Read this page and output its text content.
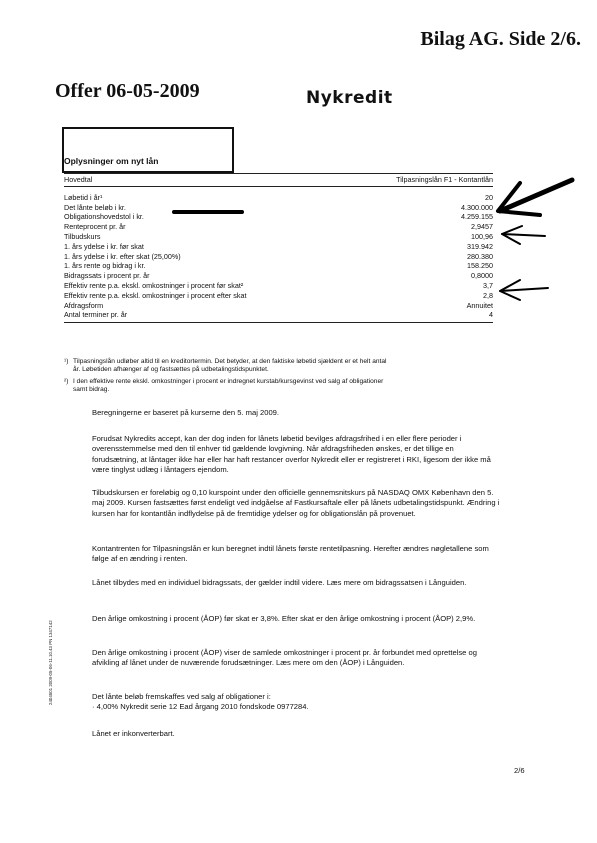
Bilag AG. Side 2/6.
Offer 06-05-2009	Nykredit
Oplysninger om nyt lån
Hovedtal	Tilpasningslån F1 - Kontantlån
Løbetid i år¹	20
Det lånte beløb i kr.	4.300.000
Obligationshovedstol i kr.	4.259.155
Renteprocent pr. år	2,9457
Tilbudskurs	100,96
1. års ydelse i kr. før skat	319.942
1. års ydelse i kr. efter skat (25,00%)	280.380
1. års rente og bidrag i kr.	158.250
Bidragssats i procent pr. år	0,8000
Effektiv rente p.a. ekskl. omkostninger i procent før skat²	3,7
Effektiv rente p.a. ekskl. omkostninger i procent efter skat	2,8
Afdragsform	Annuitet
Antal terminer pr. år	4
¹) Tilpasningslån udløber altid til en kreditortermin. Det betyder, at den faktiske løbetid sjældent er et helt antal
år. Løbetiden afhænger af og fastsættes på udbetalingstidspunktet.
²) I den effektive rente ekskl. omkostninger i procent er indregnet kurstab/kursgevinst ved salg af obligationer
samt bidrag.
Beregningerne er baseret på kurserne den 5. maj 2009.
Forudsat Nykredits accept, kan der dog inden for lånets løbetid bevilges afdragsfrihed i en eller flere perioder i overensstemmelse med den til enhver tid gældende lovgivning. Når afdragsfriheden ønskes, er det tillige en forudsætning, at låntager ikke har eller har haft restancer overfor Nykredit eller er registreret i RKI, ligesom der ikke må være tinglyst udlæg i låntagers ejendom.
Tilbudskursen er foreløbig og 0,10 kurspoint under den officielle gennemsnitskurs på NASDAQ OMX København den 5. maj 2009. Kursen fastsættes først endeligt ved indgåelse af Fastkursaftale eller på lånets udbetalingstidspunkt. Ændring i kursen har for kontantlån indflydelse på de fremtidige ydelser og for obligationslån på provenuet.
Kontantrenten for Tilpasningslån er kun beregnet indtil lånets første rentetilpasning. Herefter ændres nøgletallene som følge af en ændring i renten.
Lånet tilbydes med en individuel bidragssats, der gælder indtil videre. Læs mere om bidragssatsen i Långuiden.
Den årlige omkostning i procent (ÅOP) før skat er 3,8%. Efter skat er den årlige omkostning i procent (ÅOP) 2,9%.
Den årlige omkostning i procent (ÅOP) viser de samlede omkostninger i procent pr. år forbundet med oprettelse og afvikling af lånet under de nuværende forudsætninger. Læs mere om den (ÅOP) i Långuiden.
Det lånte beløb fremskaffes ved salg af obligationer i:
· 4,00% Nykredit serie 12 Ead årgang 2010 fondskode 0977284.
Lånet er inkonverterbart.
2/6
2404501 2009-05-06-11.10.43 PN 1347142
